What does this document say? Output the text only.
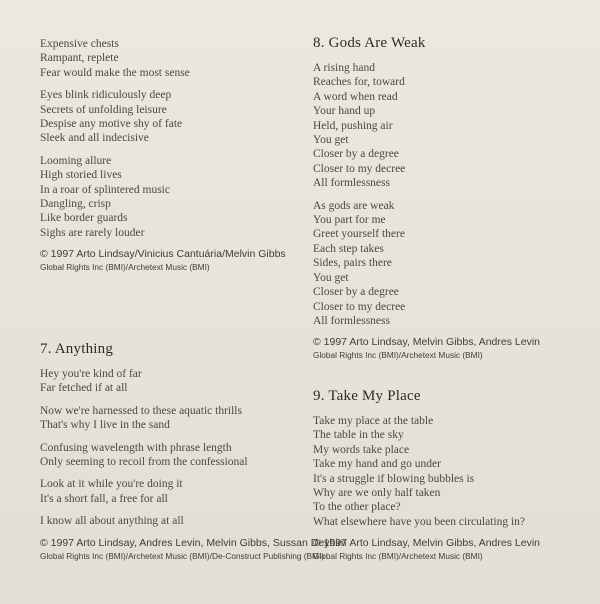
Expensive chests
Rampant, replete
Fear would make the most sense
Eyes blink ridiculously deep
Secrets of unfolding leisure
Despise any motive shy of fate
Sleek and all indecisive
Looming allure
High storied lives
In a roar of splintered music
Dangling, crisp
Like border guards
Sighs are rarely louder
© 1997 Arto Lindsay/Vinicius Cantuária/Melvin Gibbs
Global Rights Inc (BMI)/Archetext Music (BMI)
7. Anything
Hey you're kind of far
Far fetched if at all
Now we're harnessed to these aquatic thrills
That's why I live in the sand
Confusing wavelength with phrase length
Only seeming to recoil from the confessional
Look at it while you're doing it
It's a short fall, a free for all
I know all about anything at all
© 1997 Arto Lindsay, Andres Levin, Melvin Gibbs, Sussan Deyhim
Global Rights Inc (BMI)/Archetext Music (BMI)/De-Construct Publishing (BMI)
8. Gods Are Weak
A rising hand
Reaches for, toward
A word when read
Your hand up
Held, pushing air
You get
Closer by a degree
Closer to my decree
All formlessness
As gods are weak
You part for me
Greet yourself there
Each step takes
Sides, pairs there
You get
Closer by a degree
Closer to my decree
All formlessness
© 1997 Arto Lindsay, Melvin Gibbs, Andres Levin
Global Rights Inc (BMI)/Archetext Music (BMI)
9. Take My Place
Take my place at the table
The table in the sky
My words take place
Take my hand and go under
It's a struggle if blowing bubbles is
Why are we only half taken
To the other place?
What elsewhere have you been circulating in?
© 1997 Arto Lindsay, Melvin Gibbs, Andres Levin
Global Rights Inc (BMI)/Archetext Music (BMI)
